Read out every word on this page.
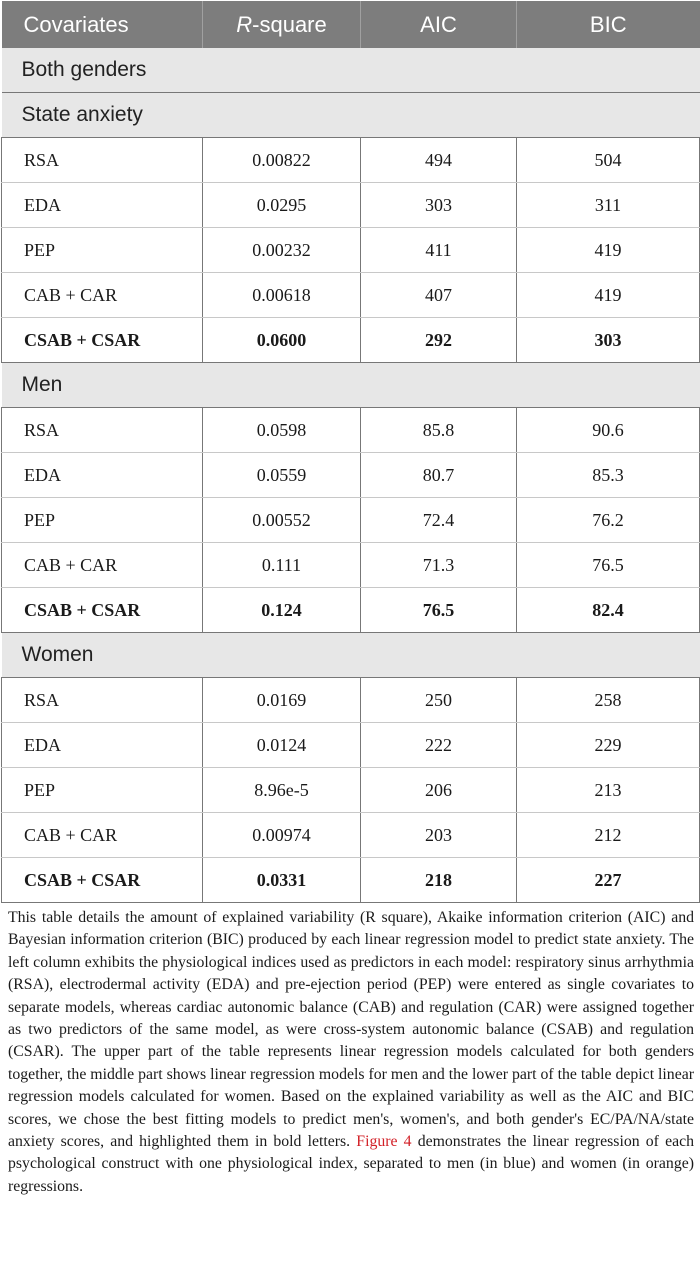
Covariates	R-square	AIC	BIC
Both genders			
State anxiety			
RSA	0.00822	494	504
EDA	0.0295	303	311
PEP	0.00232	411	419
CAB + CAR	0.00618	407	419
CSAB + CSAR	0.0600	292	303
Men			
RSA	0.0598	85.8	90.6
EDA	0.0559	80.7	85.3
PEP	0.00552	72.4	76.2
CAB + CAR	0.111	71.3	76.5
CSAB + CSAR	0.124	76.5	82.4
Women			
RSA	0.0169	250	258
EDA	0.0124	222	229
PEP	8.96e-5	206	213
CAB + CAR	0.00974	203	212
CSAB + CSAR	0.0331	218	227
This table details the amount of explained variability (R square), Akaike information criterion (AIC) and Bayesian information criterion (BIC) produced by each linear regression model to predict state anxiety. The left column exhibits the physiological indices used as predictors in each model: respiratory sinus arrhythmia (RSA), electrodermal activity (EDA) and pre-ejection period (PEP) were entered as single covariates to separate models, whereas cardiac autonomic balance (CAB) and regulation (CAR) were assigned together as two predictors of the same model, as were cross-system autonomic balance (CSAB) and regulation (CSAR). The upper part of the table represents linear regression models calculated for both genders together, the middle part shows linear regression models for men and the lower part of the table depict linear regression models calculated for women. Based on the explained variability as well as the AIC and BIC scores, we chose the best fitting models to predict men's, women's, and both gender's EC/PA/NA/state anxiety scores, and highlighted them in bold letters. Figure 4 demonstrates the linear regression of each psychological construct with one physiological index, separated to men (in blue) and women (in orange) regressions.
